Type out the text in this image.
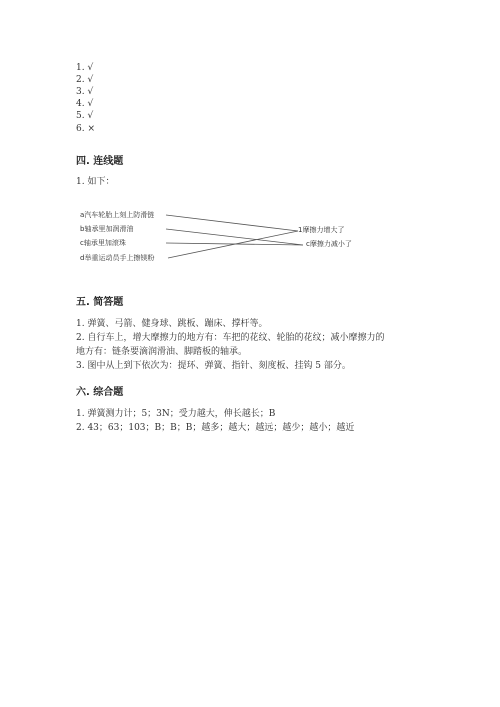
1. √
2. √
3. √
4. √
5. √
6. ×
四. 连线题
1. 如下：
a汽车轮胎上刻上防滑链
b轴承里加润滑油
c轴承里加滚珠
d举重运动员手上擦镁粉
1摩擦力增大了
c摩擦力减小了
五. 简答题
1. 弹簧、弓箭、健身球、跳板、蹦床、撑杆等。
2. 自行车上，增大摩擦力的地方有：车把的花纹、轮胎的花纹；减小摩擦力的
地方有：链条要滴润滑油、脚踏板的轴承。
3. 图中从上到下依次为：提环、弹簧、指针、刻度板、挂钩 5 部分。
六. 综合题
1. 弹簧测力计；5；3N；受力越大，伸长越长；B
2. 43；63；103；B；B；B；越多；越大；越远；越少；越小；越近
